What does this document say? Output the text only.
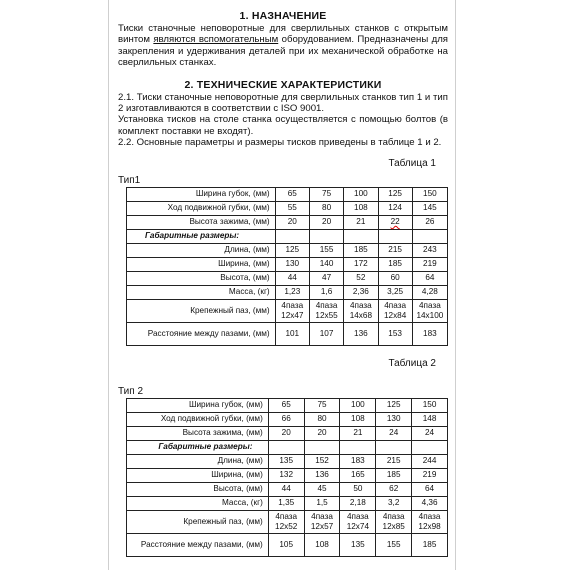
1. НАЗНАЧЕНИЕ

Тиски станочные неповоротные для сверлильных станков с открытым винтом являются вспомогательным оборудованием. Предназначены для закрепления и удерживания деталей при их механической обработке на сверлильных станках.

2. ТЕХНИЧЕСКИЕ ХАРАКТЕРИСТИКИ

2.1. Тиски станочные неповоротные для сверлильных станков тип 1 и тип 2 изготавливаются в соответствии с ISO 9001.

Установка тисков на столе станка осуществляется с помощью болтов (в комплект поставки не входят).

2.2. Основные параметры и размеры тисков приведены в таблице 1 и 2.

Таблица 1
Тип1
Ширина губок, (мм)	65	75	100	125	150
Ход подвижной губки, (мм)	55	80	108	124	145
Высота зажима, (мм)	20	20	21	22	26
Габаритные размеры:					
Длина, (мм)	125	155	185	215	243
Ширина, (мм)	130	140	172	185	219
Высота, (мм)	44	47	52	60	64
Масса, (кг)	1,23	1,6	2,36	3,25	4,28
Крепежный паз, (мм)	4паза 12х47	4паза 12х55	4паза 14х68	4паза 12х84	4паза 14х100
Расстояние между пазами, (мм)	101	107	136	153	183
Таблица 2
Тип 2
Ширина губок, (мм)	65	75	100	125	150
Ход подвижной губки, (мм)	66	80	108	130	148
Высота зажима, (мм)	20	20	21	24	24
Габаритные размеры:					
Длина, (мм)	135	152	183	215	244
Ширина, (мм)	132	136	165	185	219
Высота, (мм)	44	45	50	62	64
Масса, (кг)	1,35	1,5	2,18	3,2	4,36
Крепежный паз, (мм)	4паза 12х52	4паза 12х57	4паза 12х74	4паза 12х85	4паза 12х98
Расстояние между пазами, (мм)	105	108	135	155	185
